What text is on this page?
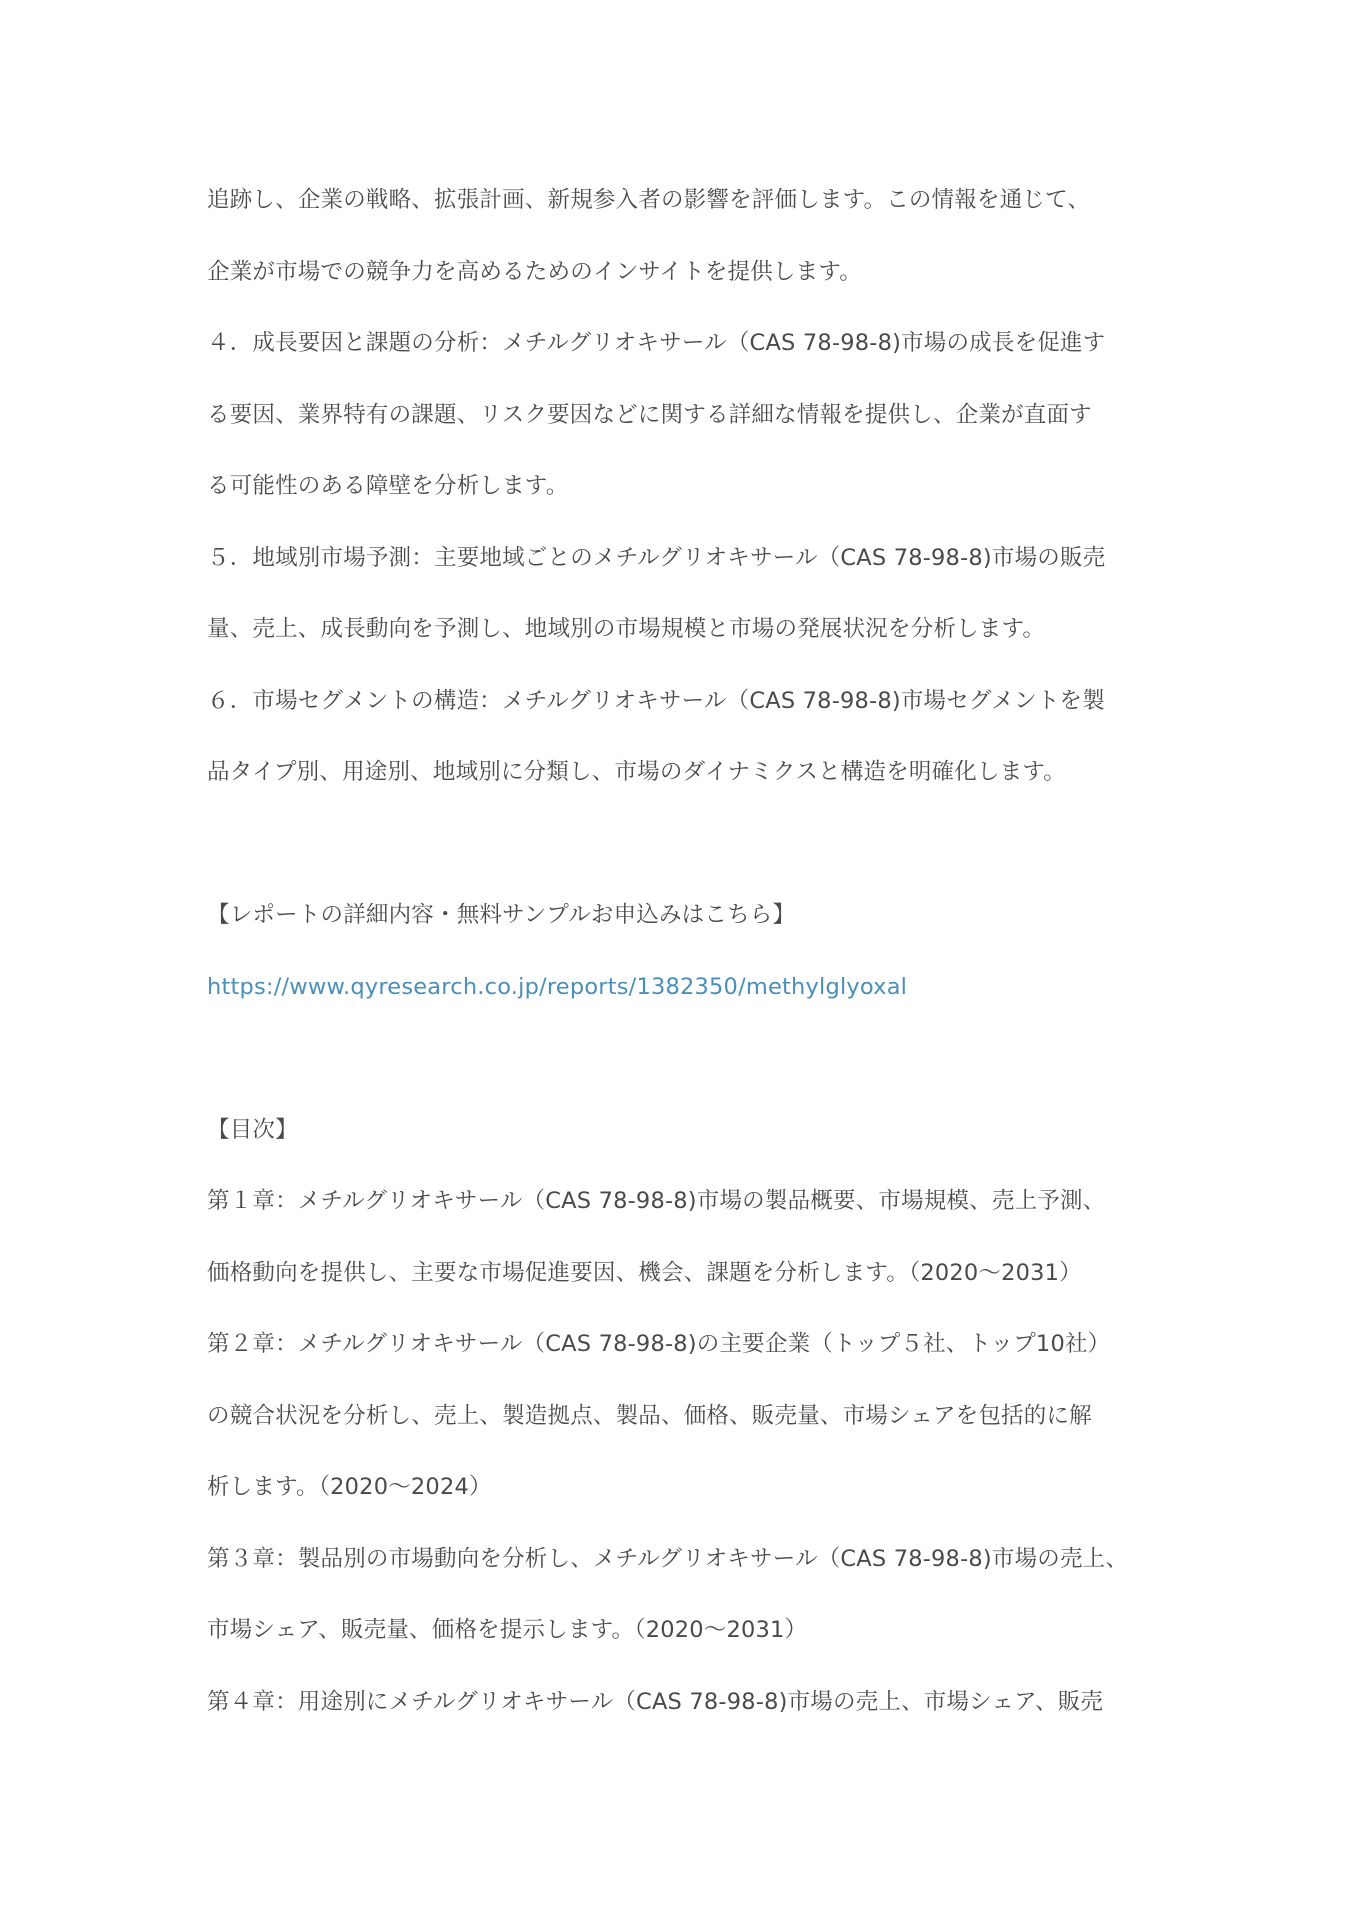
追跡し、企業の戦略、拡張計画、新規参入者の影響を評価します。この情報を通じて、
企業が市場での競争力を高めるためのインサイトを提供します。
４．成長要因と課題の分析：メチルグリオキサール（CAS 78-98-8)市場の成長を促進す
る要因、業界特有の課題、リスク要因などに関する詳細な情報を提供し、企業が直面す
る可能性のある障壁を分析します。
５．地域別市場予測：主要地域ごとのメチルグリオキサール（CAS 78-98-8)市場の販売
量、売上、成長動向を予測し、地域別の市場規模と市場の発展状況を分析します。
６．市場セグメントの構造：メチルグリオキサール（CAS 78-98-8)市場セグメントを製
品タイプ別、用途別、地域別に分類し、市場のダイナミクスと構造を明確化します。
【レポートの詳細内容・無料サンプルお申込みはこちら】
https://www.qyresearch.co.jp/reports/1382350/methylglyoxal
【目次】
第１章：メチルグリオキサール（CAS 78-98-8)市場の製品概要、市場規模、売上予測、
価格動向を提供し、主要な市場促進要因、機会、課題を分析します。（2020～2031）
第２章：メチルグリオキサール（CAS 78-98-8)の主要企業（トップ５社、トップ10社）
の競合状況を分析し、売上、製造拠点、製品、価格、販売量、市場シェアを包括的に解
析します。（2020～2024）
第３章：製品別の市場動向を分析し、メチルグリオキサール（CAS 78-98-8)市場の売上、
市場シェア、販売量、価格を提示します。（2020～2031）
第４章：用途別にメチルグリオキサール（CAS 78-98-8)市場の売上、市場シェア、販売
